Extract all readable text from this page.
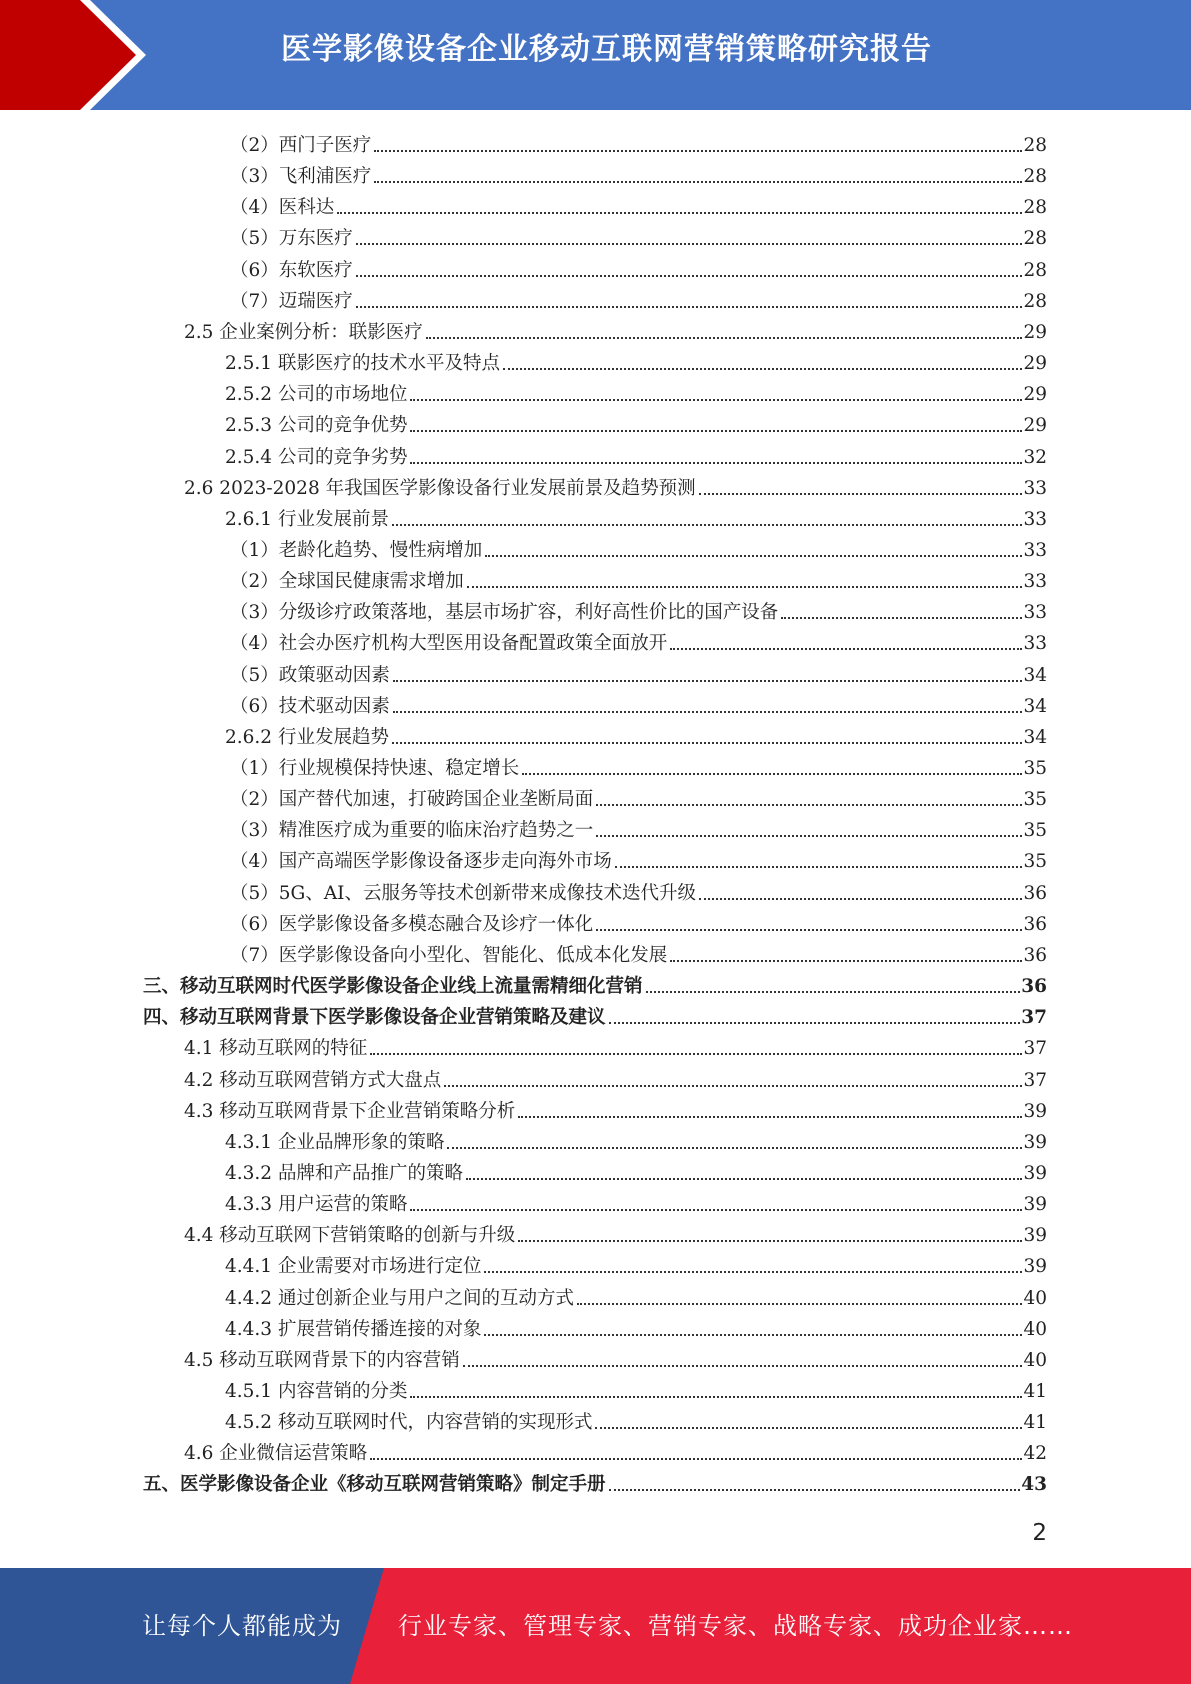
医学影像设备企业移动互联网营销策略研究报告
（2）西门子医疗	28
（3）飞利浦医疗	28
（4）医科达	28
（5）万东医疗	28
（6）东软医疗	28
（7）迈瑞医疗	28
2.5 企业案例分析：联影医疗	29
2.5.1 联影医疗的技术水平及特点	29
2.5.2 公司的市场地位	29
2.5.3 公司的竞争优势	29
2.5.4 公司的竞争劣势	32
2.6 2023-2028 年我国医学影像设备行业发展前景及趋势预测	33
2.6.1 行业发展前景	33
（1）老龄化趋势、慢性病增加	33
（2）全球国民健康需求增加	33
（3）分级诊疗政策落地，基层市场扩容，利好高性价比的国产设备	33
（4）社会办医疗机构大型医用设备配置政策全面放开	33
（5）政策驱动因素	34
（6）技术驱动因素	34
2.6.2 行业发展趋势	34
（1）行业规模保持快速、稳定增长	35
（2）国产替代加速，打破跨国企业垄断局面	35
（3）精准医疗成为重要的临床治疗趋势之一	35
（4）国产高端医学影像设备逐步走向海外市场	35
（5）5G、AI、云服务等技术创新带来成像技术迭代升级	36
（6）医学影像设备多模态融合及诊疗一体化	36
（7）医学影像设备向小型化、智能化、低成本化发展	36
三、移动互联网时代医学影像设备企业线上流量需精细化营销	36
四、移动互联网背景下医学影像设备企业营销策略及建议	37
4.1 移动互联网的特征	37
4.2 移动互联网营销方式大盘点	37
4.3 移动互联网背景下企业营销策略分析	39
4.3.1 企业品牌形象的策略	39
4.3.2 品牌和产品推广的策略	39
4.3.3 用户运营的策略	39
4.4 移动互联网下营销策略的创新与升级	39
4.4.1 企业需要对市场进行定位	39
4.4.2 通过创新企业与用户之间的互动方式	40
4.4.3 扩展营销传播连接的对象	40
4.5 移动互联网背景下的内容营销	40
4.5.1 内容营销的分类	41
4.5.2 移动互联网时代，内容营销的实现形式	41
4.6 企业微信运营策略	42
五、医学影像设备企业《移动互联网营销策略》制定手册	43
2
让每个人都能成为 行业专家、管理专家、营销专家、战略专家、成功企业家……
